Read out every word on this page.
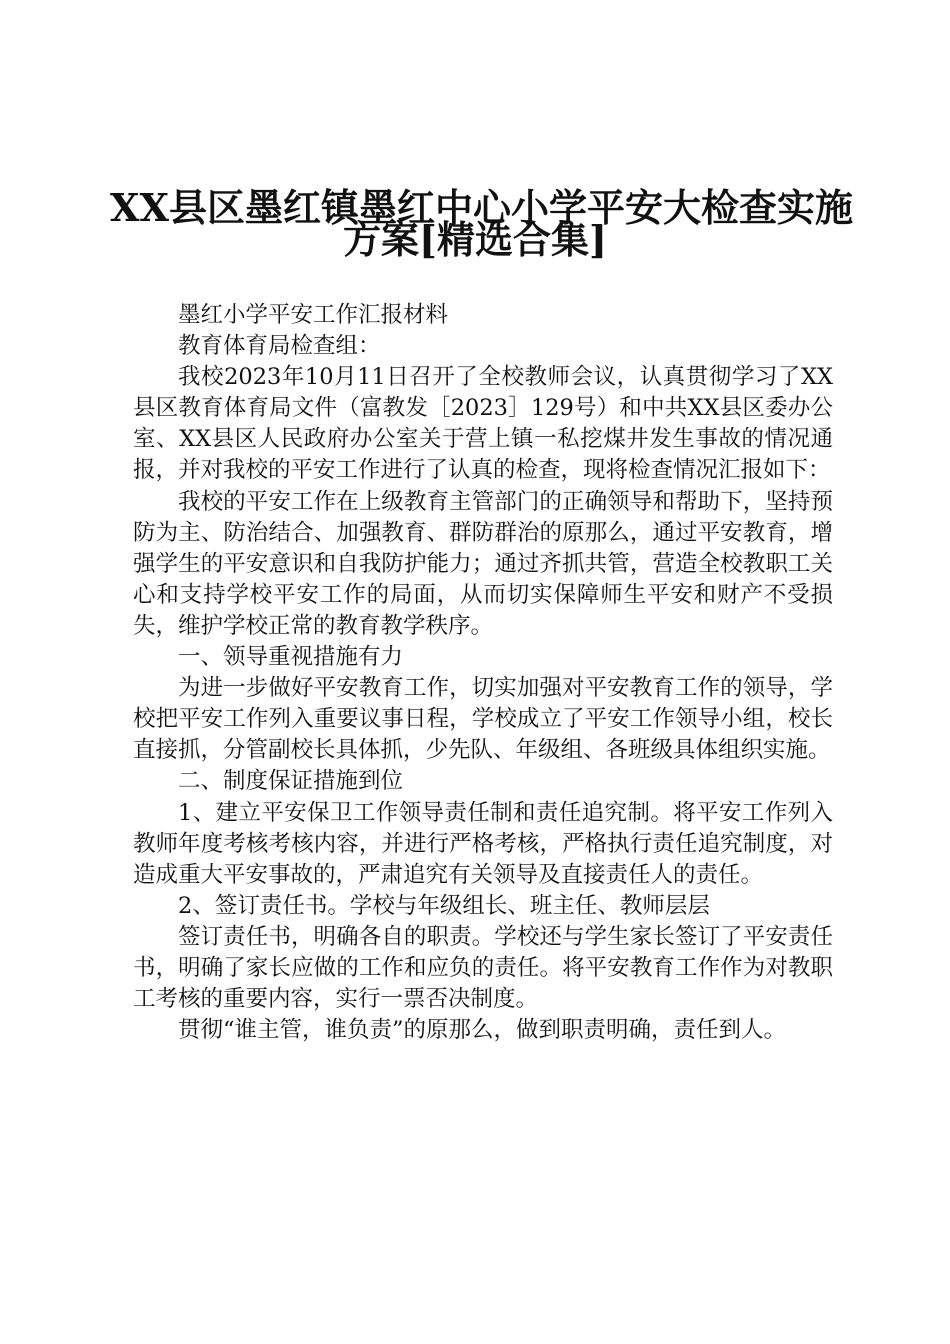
XX县区墨红镇墨红中心小学平安大检查实施
方案[精选合集]

墨红小学平安工作汇报材料

教育体育局检查组：

我校2023年10月11日召开了全校教师会议，认真贯彻学习了XX县区教育体育局文件（富教发［2023］129号）和中共XX县区委办公室、XX县区人民政府办公室关于营上镇一私挖煤井发生事故的情况通报，并对我校的平安工作进行了认真的检查，现将检查情况汇报如下：

我校的平安工作在上级教育主管部门的正确领导和帮助下，坚持预防为主、防治结合、加强教育、群防群治的原那么，通过平安教育，增强学生的平安意识和自我防护能力；通过齐抓共管，营造全校教职工关心和支持学校平安工作的局面，从而切实保障师生平安和财产不受损失，维护学校正常的教育教学秩序。

一、领导重视措施有力

为进一步做好平安教育工作，切实加强对平安教育工作的领导，学校把平安工作列入重要议事日程，学校成立了平安工作领导小组，校长直接抓，分管副校长具体抓，少先队、年级组、各班级具体组织实施。

二、制度保证措施到位

1、建立平安保卫工作领导责任制和责任追究制。将平安工作列入教师年度考核考核内容，并进行严格考核，严格执行责任追究制度，对造成重大平安事故的，严肃追究有关领导及直接责任人的责任。

2、签订责任书。学校与年级组长、班主任、教师层层

签订责任书，明确各自的职责。学校还与学生家长签订了平安责任书，明确了家长应做的工作和应负的责任。将平安教育工作作为对教职工考核的重要内容，实行一票否决制度。

贯彻“谁主管，谁负责”的原那么，做到职责明确，责任到人。
